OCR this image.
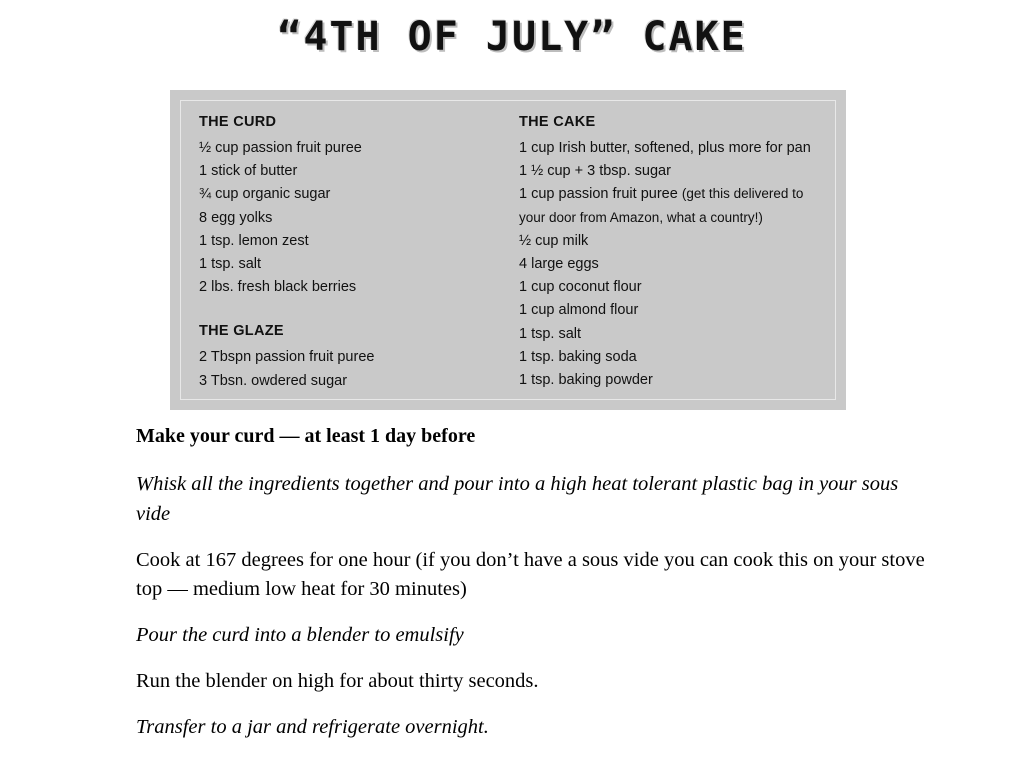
“4TH OF JULY” CAKE
THE CURD
½ cup passion fruit puree
1 stick of butter
¾ cup organic sugar
8 egg yolks
1 tsp. lemon zest
1 tsp. salt
2 lbs. fresh black berries
THE GLAZE
2 Tbspn passion fruit puree
3 Tbsn. owdered sugar
THE CAKE
1 cup Irish butter, softened, plus more for pan
1 ½ cup + 3 tbsp. sugar
1 cup passion fruit puree (get this delivered to your door from Amazon, what a country!)
½ cup milk
4 large eggs
1 cup coconut flour
1 cup almond flour
1 tsp. salt
1 tsp. baking soda
1 tsp. baking powder

Make your curd — at least 1 day before

Whisk all the ingredients together and pour into a high heat tolerant plastic bag in your sous vide

Cook at 167 degrees for one hour (if you don’t have a sous vide you can cook this on your stove top — medium low heat for 30 minutes)

Pour the curd into a blender to emulsify

Run the blender on high for about thirty seconds.

Transfer to a jar and refrigerate overnight.
